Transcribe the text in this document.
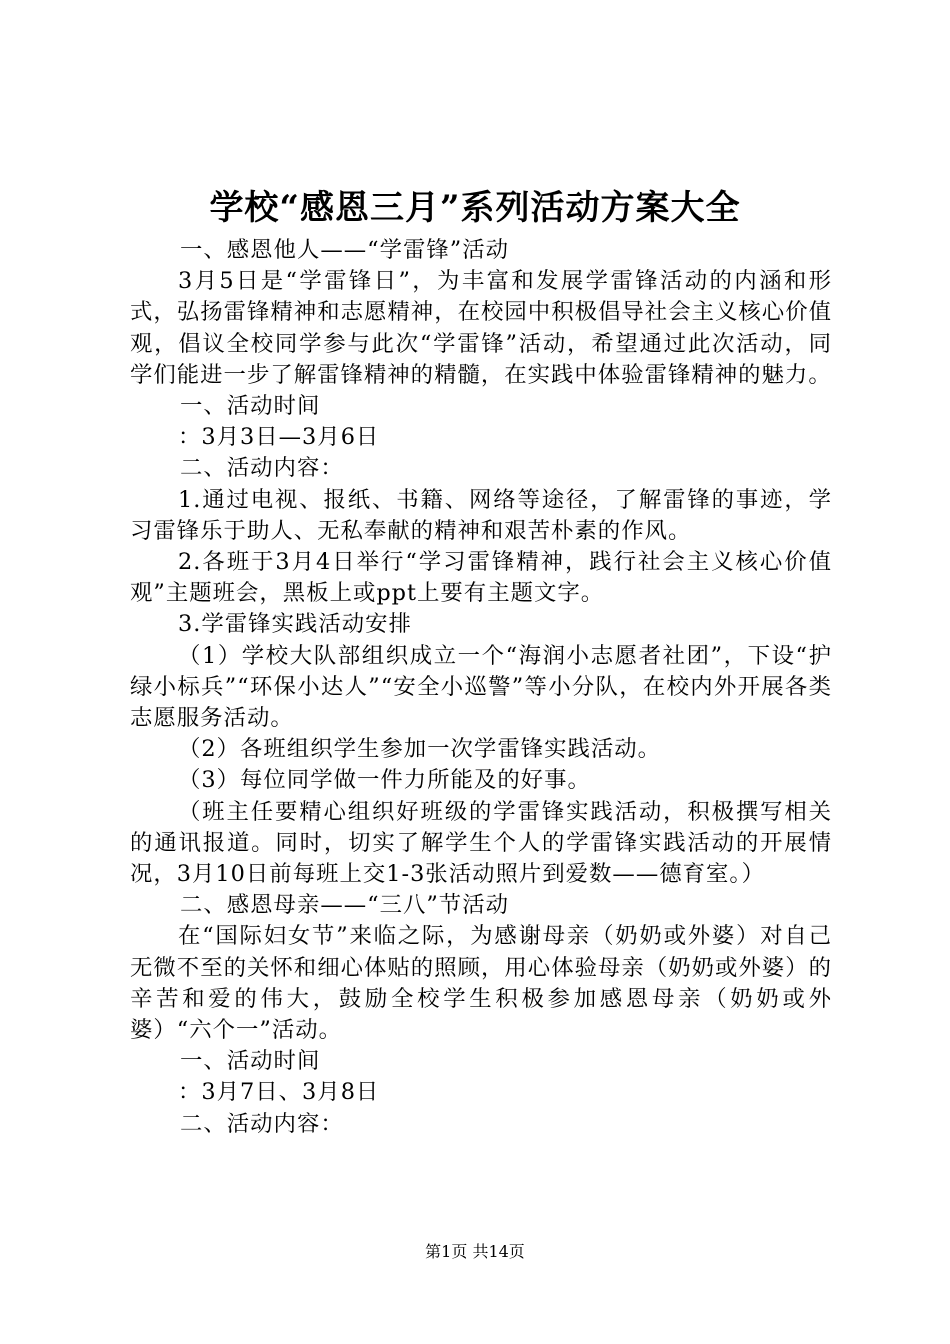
学校“感恩三月”系列活动方案大全

一、感恩他人——“学雷锋”活动

3月5日是“学雷锋日”，为丰富和发展学雷锋活动的内涵和形式，弘扬雷锋精神和志愿精神，在校园中积极倡导社会主义核心价值观，倡议全校同学参与此次“学雷锋”活动，希望通过此次活动，同学们能进一步了解雷锋精神的精髓，在实践中体验雷锋精神的魅力。

一、活动时间

：3月3日—3月6日

二、活动内容：

1.通过电视、报纸、书籍、网络等途径，了解雷锋的事迹，学习雷锋乐于助人、无私奉献的精神和艰苦朴素的作风。

2.各班于3月4日举行“学习雷锋精神，践行社会主义核心价值观”主题班会，黑板上或ppt上要有主题文字。

3.学雷锋实践活动安排

（1）学校大队部组织成立一个“海润小志愿者社团”，下设“护绿小标兵”“环保小达人”“安全小巡警”等小分队，在校内外开展各类志愿服务活动。

（2）各班组织学生参加一次学雷锋实践活动。

（3）每位同学做一件力所能及的好事。

（班主任要精心组织好班级的学雷锋实践活动，积极撰写相关的通讯报道。同时，切实了解学生个人的学雷锋实践活动的开展情况，3月10日前每班上交1-3张活动照片到爱数——德育室。）

二、感恩母亲——“三八”节活动

在“国际妇女节”来临之际，为感谢母亲（奶奶或外婆）对自己无微不至的关怀和细心体贴的照顾，用心体验母亲（奶奶或外婆）的辛苦和爱的伟大，鼓励全校学生积极参加感恩母亲（奶奶或外婆）“六个一”活动。

一、活动时间

：3月7日、3月8日

二、活动内容：

第1页 共14页
